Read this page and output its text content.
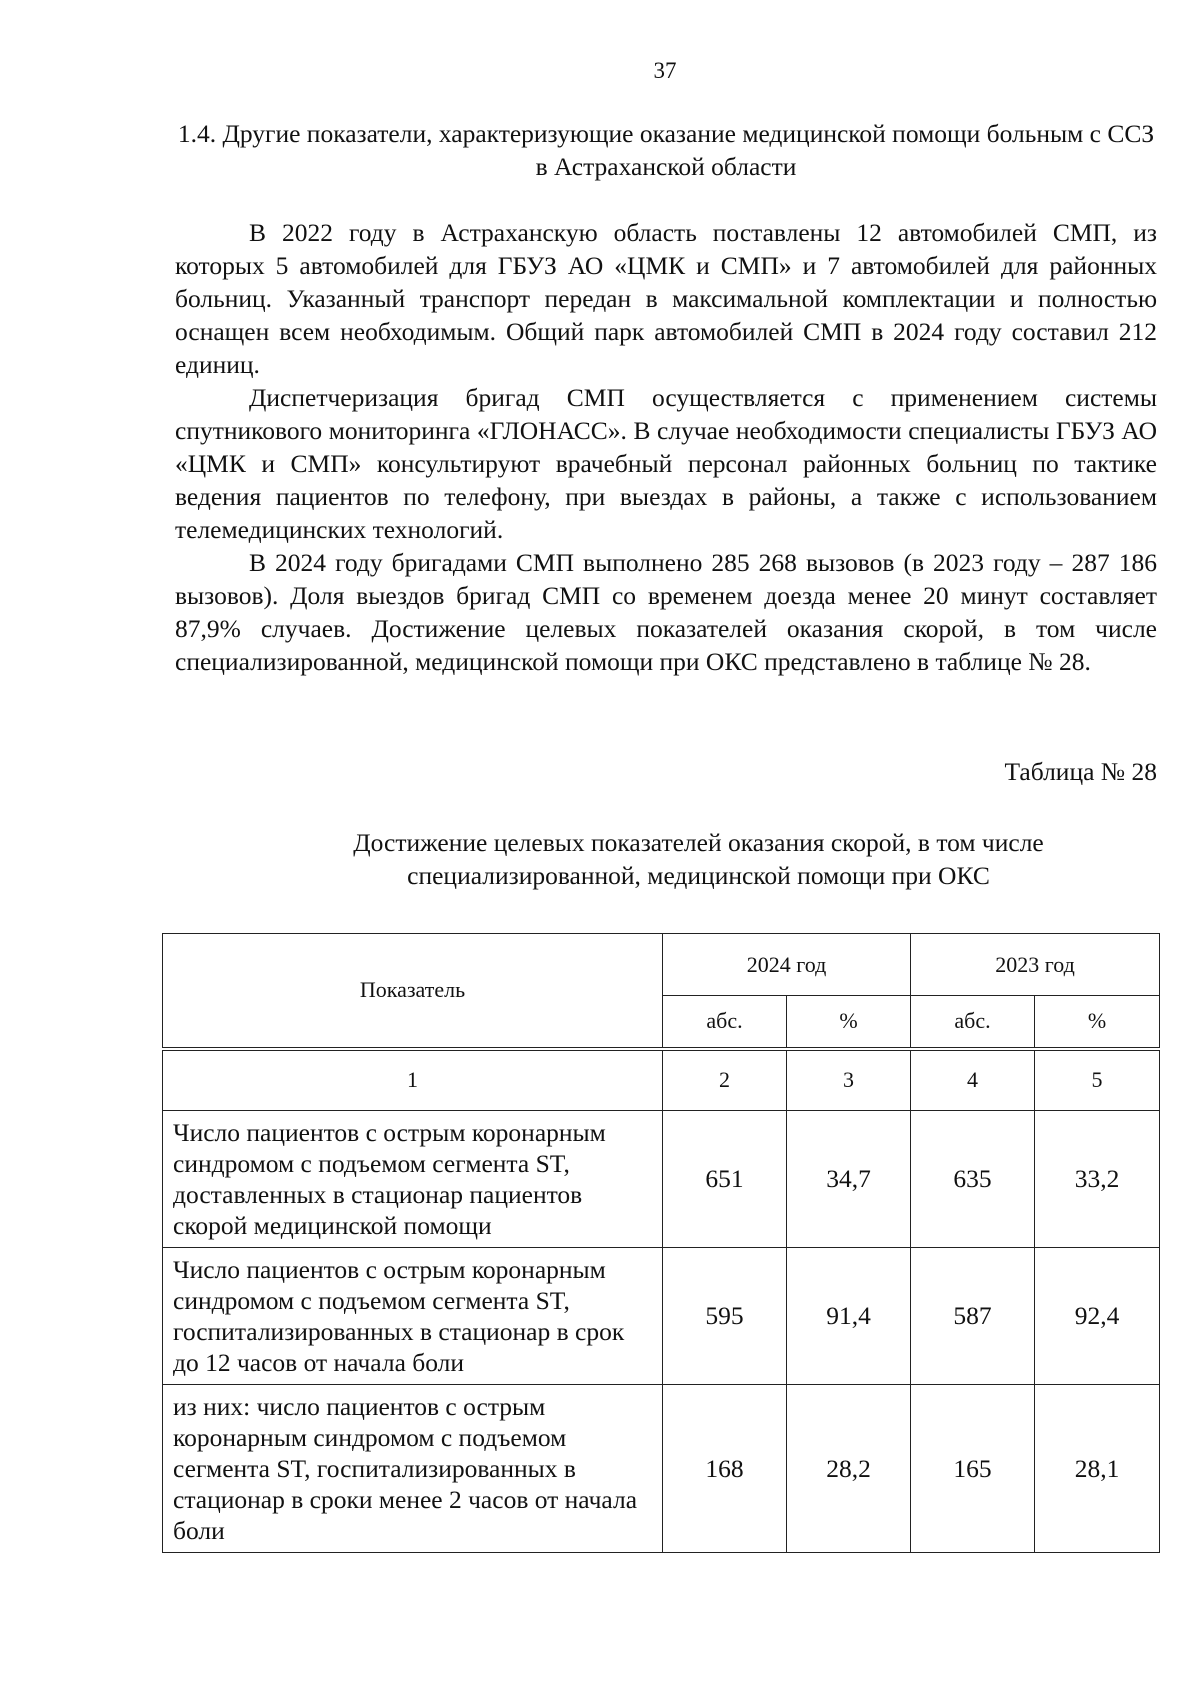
37
1.4. Другие показатели, характеризующие оказание медицинской помощи больным с ССЗ в Астраханской области

В 2022 году в Астраханскую область поставлены 12 автомобилей СМП, из которых 5 автомобилей для ГБУЗ АО «ЦМК и СМП» и 7 автомобилей для районных больниц. Указанный транспорт передан в максимальной комплектации и полностью оснащен всем необходимым. Общий парк автомобилей СМП в 2024 году составил 212 единиц.

Диспетчеризация бригад СМП осуществляется с применением системы спутникового мониторинга «ГЛОНАСС». В случае необходимости специалисты ГБУЗ АО «ЦМК и СМП» консультируют врачебный персонал районных больниц по тактике ведения пациентов по телефону, при выездах в районы, а также с использованием телемедицинских технологий.

В 2024 году бригадами СМП выполнено 285 268 вызовов (в 2023 году – 287 186 вызовов). Доля выездов бригад СМП со временем доезда менее 20 минут составляет 87,9% случаев. Достижение целевых показателей оказания скорой, в том числе специализированной, медицинской помощи при ОКС представлено в таблице № 28.

Таблица № 28
Достижение целевых показателей оказания скорой, в том числе специализированной, медицинской помощи при ОКС
Показатель	2024 год		2023 год	
	абс.	%	абс.	%
1	2	3	4	5
Число пациентов с острым коронарным синдромом с подъемом сегмента ST, доставленных в стационар пациентов скорой медицинской помощи	651	34,7	635	33,2
Число пациентов с острым коронарным синдромом с подъемом сегмента ST, госпитализированных в стационар в срок до 12 часов от начала боли	595	91,4	587	92,4
из них: число пациентов с острым коронарным синдромом с подъемом сегмента ST, госпитализированных в стационар в сроки менее 2 часов от начала боли	168	28,2	165	28,1
